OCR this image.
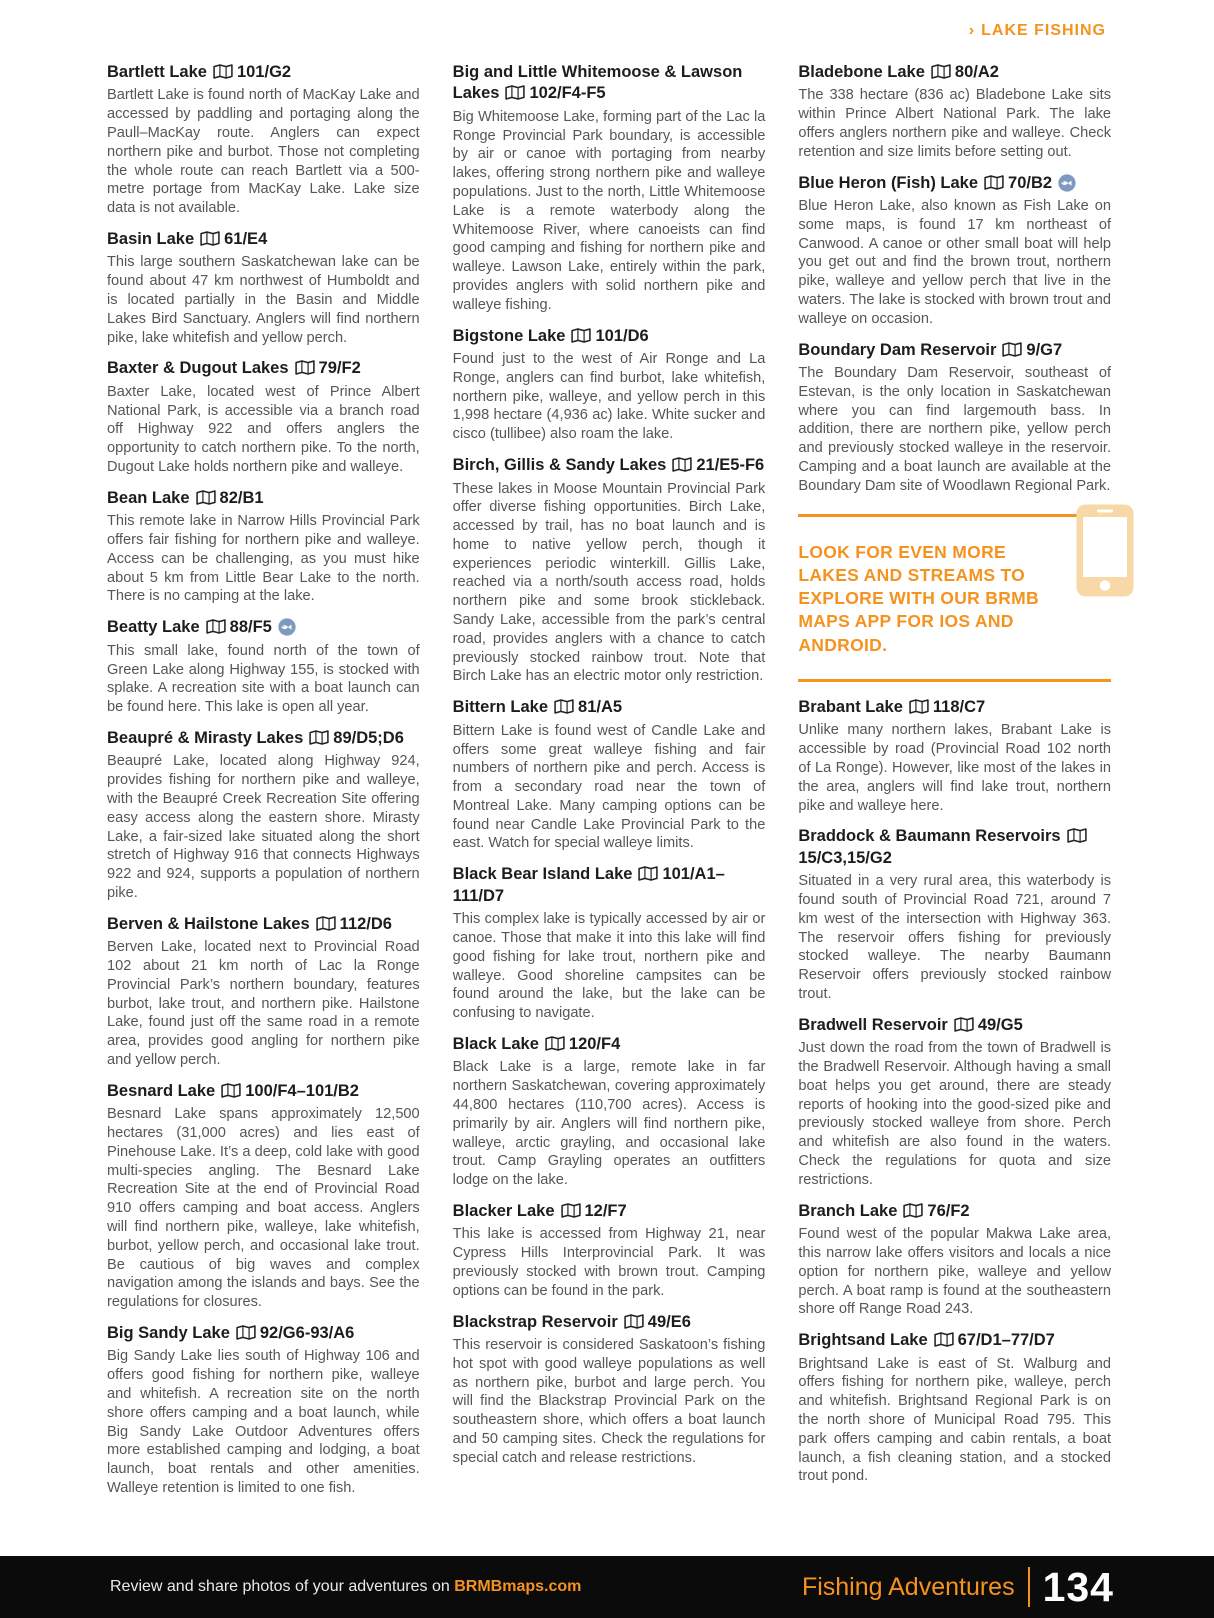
› LAKE FISHING
Bartlett Lake 101/G2

Bartlett Lake is found north of MacKay Lake and accessed by paddling and portaging along the Paull–MacKay route. Anglers can expect northern pike and burbot. Those not completing the whole route can reach Bartlett via a 500-metre portage from MacKay Lake. Lake size data is not available.

Basin Lake 61/E4

This large southern Saskatchewan lake can be found about 47 km northwest of Humboldt and is located partially in the Basin and Middle Lakes Bird Sanctuary. Anglers will find northern pike, lake whitefish and yellow perch.

Baxter & Dugout Lakes 79/F2

Baxter Lake, located west of Prince Albert National Park, is accessible via a branch road off Highway 922 and offers anglers the opportunity to catch northern pike. To the north, Dugout Lake holds northern pike and walleye.

Bean Lake 82/B1

This remote lake in Narrow Hills Provincial Park offers fair fishing for northern pike and walleye. Access can be challenging, as you must hike about 5 km from Little Bear Lake to the north. There is no camping at the lake.

Beatty Lake 88/F5

This small lake, found north of the town of Green Lake along Highway 155, is stocked with splake. A recreation site with a boat launch can be found here. This lake is open all year.

Beaupré & Mirasty Lakes 89/D5;D6

Beaupré Lake, located along Highway 924, provides fishing for northern pike and walleye, with the Beaupré Creek Recreation Site offering easy access along the eastern shore. Mirasty Lake, a fair-sized lake situated along the short stretch of Highway 916 that connects Highways 922 and 924, supports a population of northern pike.

Berven & Hailstone Lakes 112/D6

Berven Lake, located next to Provincial Road 102 about 21 km north of Lac la Ronge Provincial Park’s northern boundary, features burbot, lake trout, and northern pike. Hailstone Lake, found just off the same road in a remote area, provides good angling for northern pike and yellow perch.

Besnard Lake 100/F4–101/B2

Besnard Lake spans approximately 12,500 hectares (31,000 acres) and lies east of Pinehouse Lake. It’s a deep, cold lake with good multi-species angling. The Besnard Lake Recreation Site at the end of Provincial Road 910 offers camping and boat access. Anglers will find northern pike, walleye, lake whitefish, burbot, yellow perch, and occasional lake trout. Be cautious of big waves and complex navigation among the islands and bays. See the regulations for closures.

Big Sandy Lake 92/G6-93/A6

Big Sandy Lake lies south of Highway 106 and offers good fishing for northern pike, walleye and whitefish. A recreation site on the north shore offers camping and a boat launch, while Big Sandy Lake Outdoor Adventures offers more established camping and lodging, a boat launch, boat rentals and other amenities. Walleye retention is limited to one fish.

Big and Little Whitemoose & Lawson Lakes 102/F4-F5

Big Whitemoose Lake, forming part of the Lac la Ronge Provincial Park boundary, is accessible by air or canoe with portaging from nearby lakes, offering strong northern pike and walleye populations. Just to the north, Little Whitemoose Lake is a remote waterbody along the Whitemoose River, where canoeists can find good camping and fishing for northern pike and walleye. Lawson Lake, entirely within the park, provides anglers with solid northern pike and walleye fishing.

Bigstone Lake 101/D6

Found just to the west of Air Ronge and La Ronge, anglers can find burbot, lake whitefish, northern pike, walleye, and yellow perch in this 1,998 hectare (4,936 ac) lake. White sucker and cisco (tullibee) also roam the lake.

Birch, Gillis & Sandy Lakes 21/E5-F6

These lakes in Moose Mountain Provincial Park offer diverse fishing opportunities. Birch Lake, accessed by trail, has no boat launch and is home to native yellow perch, though it experiences periodic winterkill. Gillis Lake, reached via a north/south access road, holds northern pike and some brook stickleback. Sandy Lake, accessible from the park’s central road, provides anglers with a chance to catch previously stocked rainbow trout. Note that Birch Lake has an electric motor only restriction.

Bittern Lake 81/A5

Bittern Lake is found west of Candle Lake and offers some great walleye fishing and fair numbers of northern pike and perch. Access is from a secondary road near the town of Montreal Lake. Many camping options can be found near Candle Lake Provincial Park to the east. Watch for special walleye limits.

Black Bear Island Lake 101/A1–111/D7

This complex lake is typically accessed by air or canoe. Those that make it into this lake will find good fishing for lake trout, northern pike and walleye. Good shoreline campsites can be found around the lake, but the lake can be confusing to navigate.

Black Lake 120/F4

Black Lake is a large, remote lake in far northern Saskatchewan, covering approximately 44,800 hectares (110,700 acres). Access is primarily by air. Anglers will find northern pike, walleye, arctic grayling, and occasional lake trout. Camp Grayling operates an outfitters lodge on the lake.

Blacker Lake 12/F7

This lake is accessed from Highway 21, near Cypress Hills Interprovincial Park. It was previously stocked with brown trout. Camping options can be found in the park.

Blackstrap Reservoir 49/E6

This reservoir is considered Saskatoon’s fishing hot spot with good walleye populations as well as northern pike, burbot and large perch. You will find the Blackstrap Provincial Park on the southeastern shore, which offers a boat launch and 50 camping sites. Check the regulations for special catch and release restrictions.

Bladebone Lake 80/A2

The 338 hectare (836 ac) Bladebone Lake sits within Prince Albert National Park. The lake offers anglers northern pike and walleye. Check retention and size limits before setting out.

Blue Heron (Fish) Lake 70/B2

Blue Heron Lake, also known as Fish Lake on some maps, is found 17 km northeast of Canwood. A canoe or other small boat will help you get out and find the brown trout, northern pike, walleye and yellow perch that live in the waters. The lake is stocked with brown trout and walleye on occasion.

Boundary Dam Reservoir 9/G7

The Boundary Dam Reservoir, southeast of Estevan, is the only location in Saskatchewan where you can find largemouth bass. In addition, there are northern pike, yellow perch and previously stocked walleye in the reservoir. Camping and a boat launch are available at the Boundary Dam site of Woodlawn Regional Park.

LOOK FOR EVEN MORE LAKES AND STREAMS TO EXPLORE WITH OUR BRMB MAPS APP FOR IOS AND ANDROID.

Brabant Lake 118/C7

Unlike many northern lakes, Brabant Lake is accessible by road (Provincial Road 102 north of La Ronge). However, like most of the lakes in the area, anglers will find lake trout, northern pike and walleye here.

Braddock & Baumann Reservoirs15/C3,15/G2

Situated in a very rural area, this waterbody is found south of Provincial Road 721, around 7 km west of the intersection with Highway 363. The reservoir offers fishing for previously stocked walleye. The nearby Baumann Reservoir offers previously stocked rainbow trout.

Bradwell Reservoir 49/G5

Just down the road from the town of Bradwell is the Bradwell Reservoir. Although having a small boat helps you get around, there are steady reports of hooking into the good-sized pike and previously stocked walleye from shore. Perch and whitefish are also found in the waters. Check the regulations for quota and size restrictions.

Branch Lake 76/F2

Found west of the popular Makwa Lake area, this narrow lake offers visitors and locals a nice option for northern pike, walleye and yellow perch. A boat ramp is found at the southeastern shore off Range Road 243.

Brightsand Lake 67/D1–77/D7

Brightsand Lake is east of St. Walburg and offers fishing for northern pike, walleye, perch and whitefish. Brightsand Regional Park is on the north shore of Municipal Road 795. This park offers camping and cabin rentals, a boat launch, a fish cleaning station, and a stocked trout pond.

Review and share photos of your adventures on BRMBmaps.com	Fishing Adventures 134
